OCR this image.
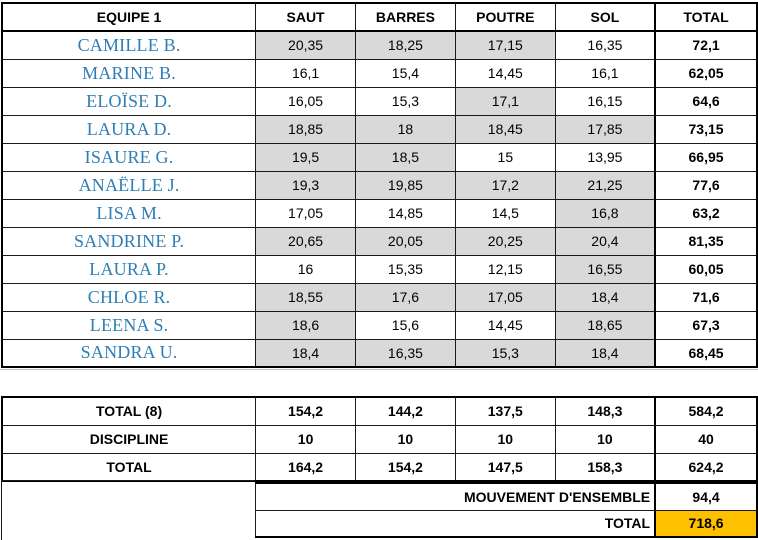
EQUIPE 1	SAUT	BARRES	POUTRE	SOL	TOTAL
CAMILLE B.	20,35	18,25	17,15	16,35	72,1
MARINE B.	16,1	15,4	14,45	16,1	62,05
ELOÏSE D.	16,05	15,3	17,1	16,15	64,6
LAURA D.	18,85	18	18,45	17,85	73,15
ISAURE G.	19,5	18,5	15	13,95	66,95
ANAËLLE J.	19,3	19,85	17,2	21,25	77,6
LISA M.	17,05	14,85	14,5	16,8	63,2
SANDRINE P.	20,65	20,05	20,25	20,4	81,35
LAURA P.	16	15,35	12,15	16,55	60,05
CHLOE R.	18,55	17,6	17,05	18,4	71,6
LEENA S.	18,6	15,6	14,45	18,65	67,3
SANDRA U.	18,4	16,35	15,3	18,4	68,45
TOTAL (8)	154,2	144,2	137,5	148,3	584,2
DISCIPLINE	10	10	10	10	40
TOTAL	164,2	154,2	147,5	158,3	624,2
MOUVEMENT D'ENSEMBLE	94,4
TOTAL	718,6
